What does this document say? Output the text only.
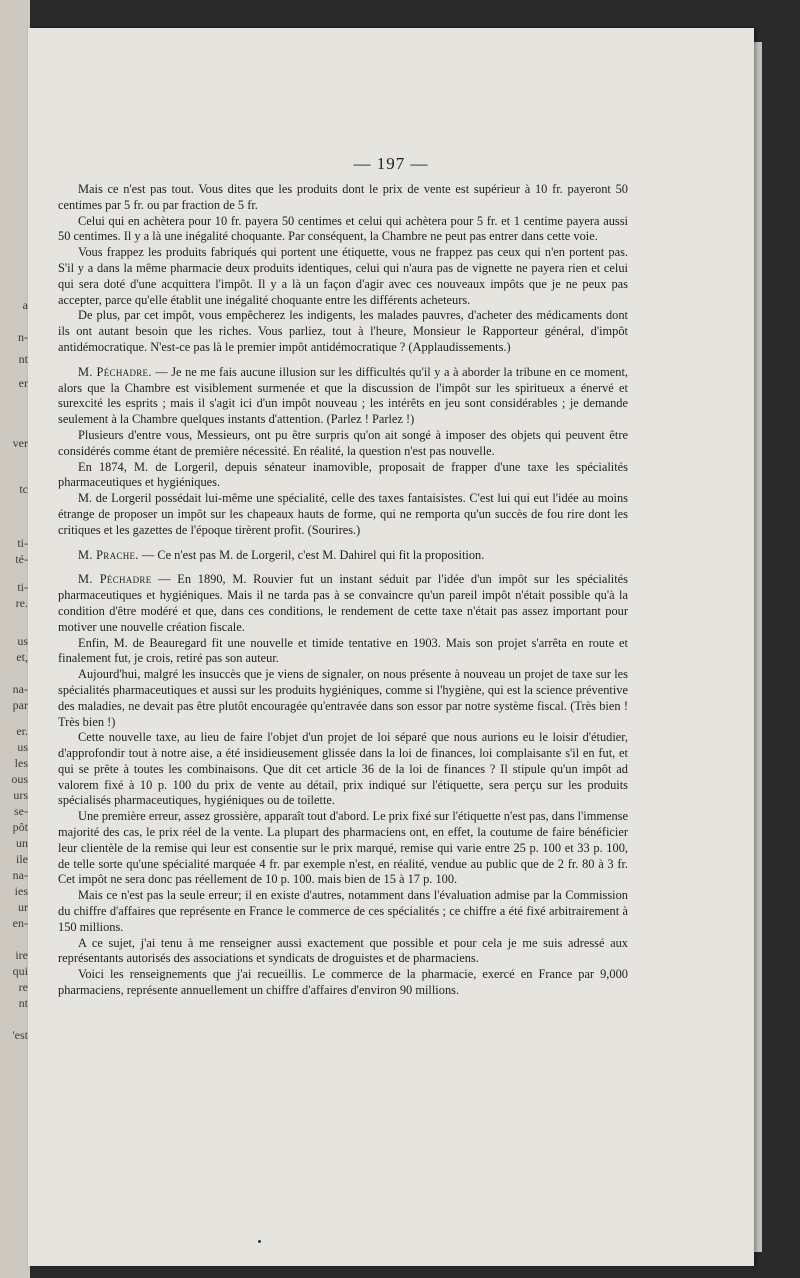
a
n-
nt
er
ver
tc
ti-
té-
ti-
re.
us
et,
na-
par
er.
us
les
ous
urs
se-
pôt
un
ile
na-
ies
ur
en-
ire
qui
re
nt
'est
— 197 —

Mais ce n'est pas tout. Vous dites que les produits dont le prix de vente est supérieur à 10 fr. payeront 50 centimes par 5 fr. ou par fraction de 5 fr.

Celui qui en achètera pour 10 fr. payera 50 centimes et celui qui achètera pour 5 fr. et 1 centime payera aussi 50 centimes. Il y a là une inégalité choquante. Par conséquent, la Chambre ne peut pas entrer dans cette voie.

Vous frappez les produits fabriqués qui portent une étiquette, vous ne frappez pas ceux qui n'en portent pas. S'il y a dans la même pharmacie deux produits identiques, celui qui n'aura pas de vignette ne payera rien et celui qui sera doté d'une acquittera l'impôt. Il y a là un façon d'agir avec ces nouveaux impôts que je ne peux pas accepter, parce qu'elle établit une inégalité choquante entre les différents acheteurs.

De plus, par cet impôt, vous empêcherez les indigents, les malades pauvres, d'acheter des médicaments dont ils ont autant besoin que les riches. Vous parliez, tout à l'heure, Monsieur le Rapporteur général, d'impôt antidémocratique. N'est-ce pas là le premier impôt antidémocratique ? (Applaudissements.)

M. Péchadre. — Je ne me fais aucune illusion sur les difficultés qu'il y a à aborder la tribune en ce moment, alors que la Chambre est visiblement surmenée et que la discussion de l'impôt sur les spiritueux a énervé et surexcité les esprits ; mais il s'agit ici d'un impôt nouveau ; les intérêts en jeu sont considérables ; je demande seulement à la Chambre quelques instants d'attention. (Parlez ! Parlez !)

Plusieurs d'entre vous, Messieurs, ont pu être surpris qu'on ait songé à imposer des objets qui peuvent être considérés comme étant de première nécessité. En réalité, la question n'est pas nouvelle.

En 1874, M. de Lorgeril, depuis sénateur inamovible, proposait de frapper d'une taxe les spécialités pharmaceutiques et hygiéniques.

M. de Lorgeril possédait lui-même une spécialité, celle des taxes fantaisistes. C'est lui qui eut l'idée au moins étrange de proposer un impôt sur les chapeaux hauts de forme, qui ne remporta qu'un succès de fou rire dont les critiques et les gazettes de l'époque tirèrent profit. (Sourires.)

M. Prache. — Ce n'est pas M. de Lorgeril, c'est M. Dahirel qui fit la proposition.

M. Péchadre — En 1890, M. Rouvier fut un instant séduit par l'idée d'un impôt sur les spécialités pharmaceutiques et hygiéniques. Mais il ne tarda pas à se convaincre qu'un pareil impôt n'était possible qu'à la condition d'être modéré et que, dans ces conditions, le rendement de cette taxe n'était pas assez important pour motiver une nouvelle création fiscale.

Enfin, M. de Beauregard fit une nouvelle et timide tentative en 1903. Mais son projet s'arrêta en route et finalement fut, je crois, retiré pas son auteur.

Aujourd'hui, malgré les insuccès que je viens de signaler, on nous présente à nouveau un projet de taxe sur les spécialités pharmaceutiques et aussi sur les produits hygiéniques, comme si l'hygiène, qui est la science préventive des maladies, ne devait pas être plutôt encouragée qu'entravée dans son essor par notre système fiscal. (Très bien ! Très bien !)

Cette nouvelle taxe, au lieu de faire l'objet d'un projet de loi séparé que nous aurions eu le loisir d'étudier, d'approfondir tout à notre aise, a été insidieusement glissée dans la loi de finances, loi complaisante s'il en fut, et qui se prête à toutes les combinaisons. Que dit cet article 36 de la loi de finances ? Il stipule qu'un impôt ad valorem fixé à 10 p. 100 du prix de vente au détail, prix indiqué sur l'étiquette, sera perçu sur les produits spécialisés pharmaceutiques, hygiéniques ou de toilette.

Une première erreur, assez grossière, apparaît tout d'abord. Le prix fixé sur l'étiquette n'est pas, dans l'immense majorité des cas, le prix réel de la vente. La plupart des pharmaciens ont, en effet, la coutume de faire bénéficier leur clientèle de la remise qui leur est consentie sur le prix marqué, remise qui varie entre 25 p. 100 et 33 p. 100, de telle sorte qu'une spécialité marquée 4 fr. par exemple n'est, en réalité, vendue au public que de 2 fr. 80 à 3 fr. Cet impôt ne sera donc pas réellement de 10 p. 100. mais bien de 15 à 17 p. 100.

Mais ce n'est pas la seule erreur; il en existe d'autres, notamment dans l'évaluation admise par la Commission du chiffre d'affaires que représente en France le commerce de ces spécialités ; ce chiffre a été fixé arbitrairement à 150 millions.

A ce sujet, j'ai tenu à me renseigner aussi exactement que possible et pour cela je me suis adressé aux représentants autorisés des associations et syndicats de droguistes et de pharmaciens.

Voici les renseignements que j'ai recueillis. Le commerce de la pharmacie, exercé en France par 9,000 pharmaciens, représente annuellement un chiffre d'affaires d'environ 90 millions.
